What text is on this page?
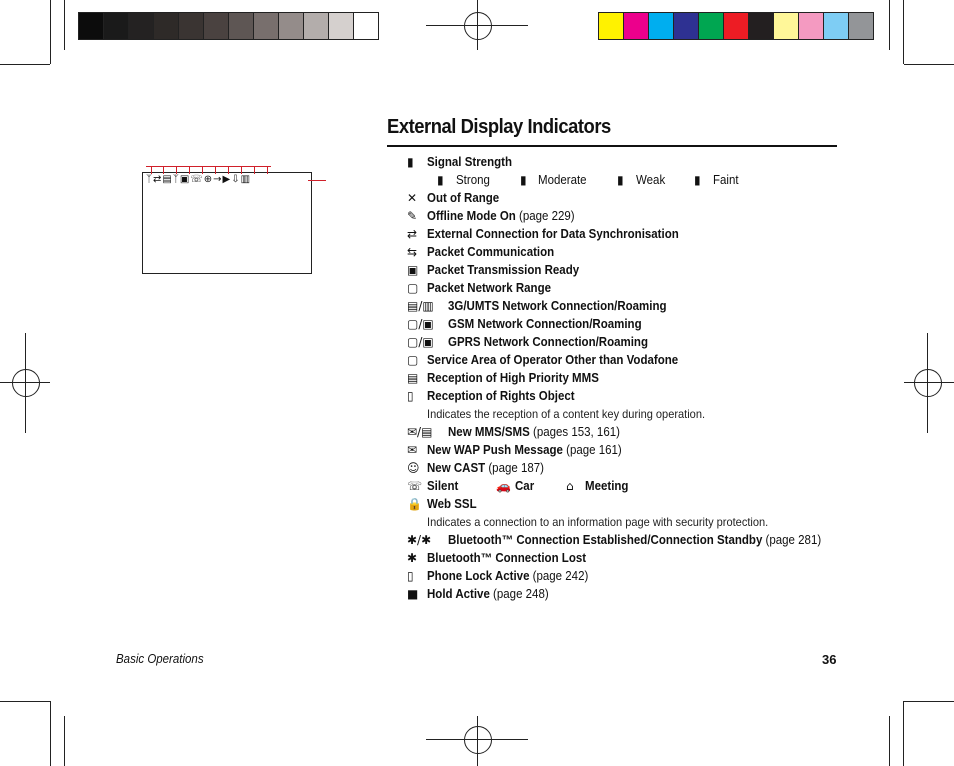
ᛉ⇄▤ᛉ▣☏⊕→▶⇩▥
External Display Indicators
▮	Signal Strength
✕ Out of Range
✎ Offline Mode On (page 229)
⇄ External Connection for Data Synchronisation
⇆ Packet Communication
▣ Packet Transmission Ready
▢ Packet Network Range
▤/▥	3G/UMTS Network Connection/Roaming
▢/▣	GSM Network Connection/Roaming
▢/▣	GPRS Network Connection/Roaming
▢ Service Area of Operator Other than Vodafone
▤ Reception of High Priority MMS
▯	Reception of Rights Object
✉/▤	New MMS/SMS (pages 153, 161)
✉ New WAP Push Message (page 161)
☺ New CAST (page 187)
☏ Silent
🔒 Web SSL
✱/✱	Bluetooth™ Connection Established/Connection Standby (page 281)
✱ Bluetooth™ Connection Lost
▯	Phone Lock Active (page 242)
■ Hold Active (page 248)
▮ Strong	▮ Moderate	▮ Weak ▮ Faint
Indicates the reception of a content key during operation.
Indicates a connection to an information page with security protection.
🚗 Car	⌂ Meeting
Basic Operations	36
